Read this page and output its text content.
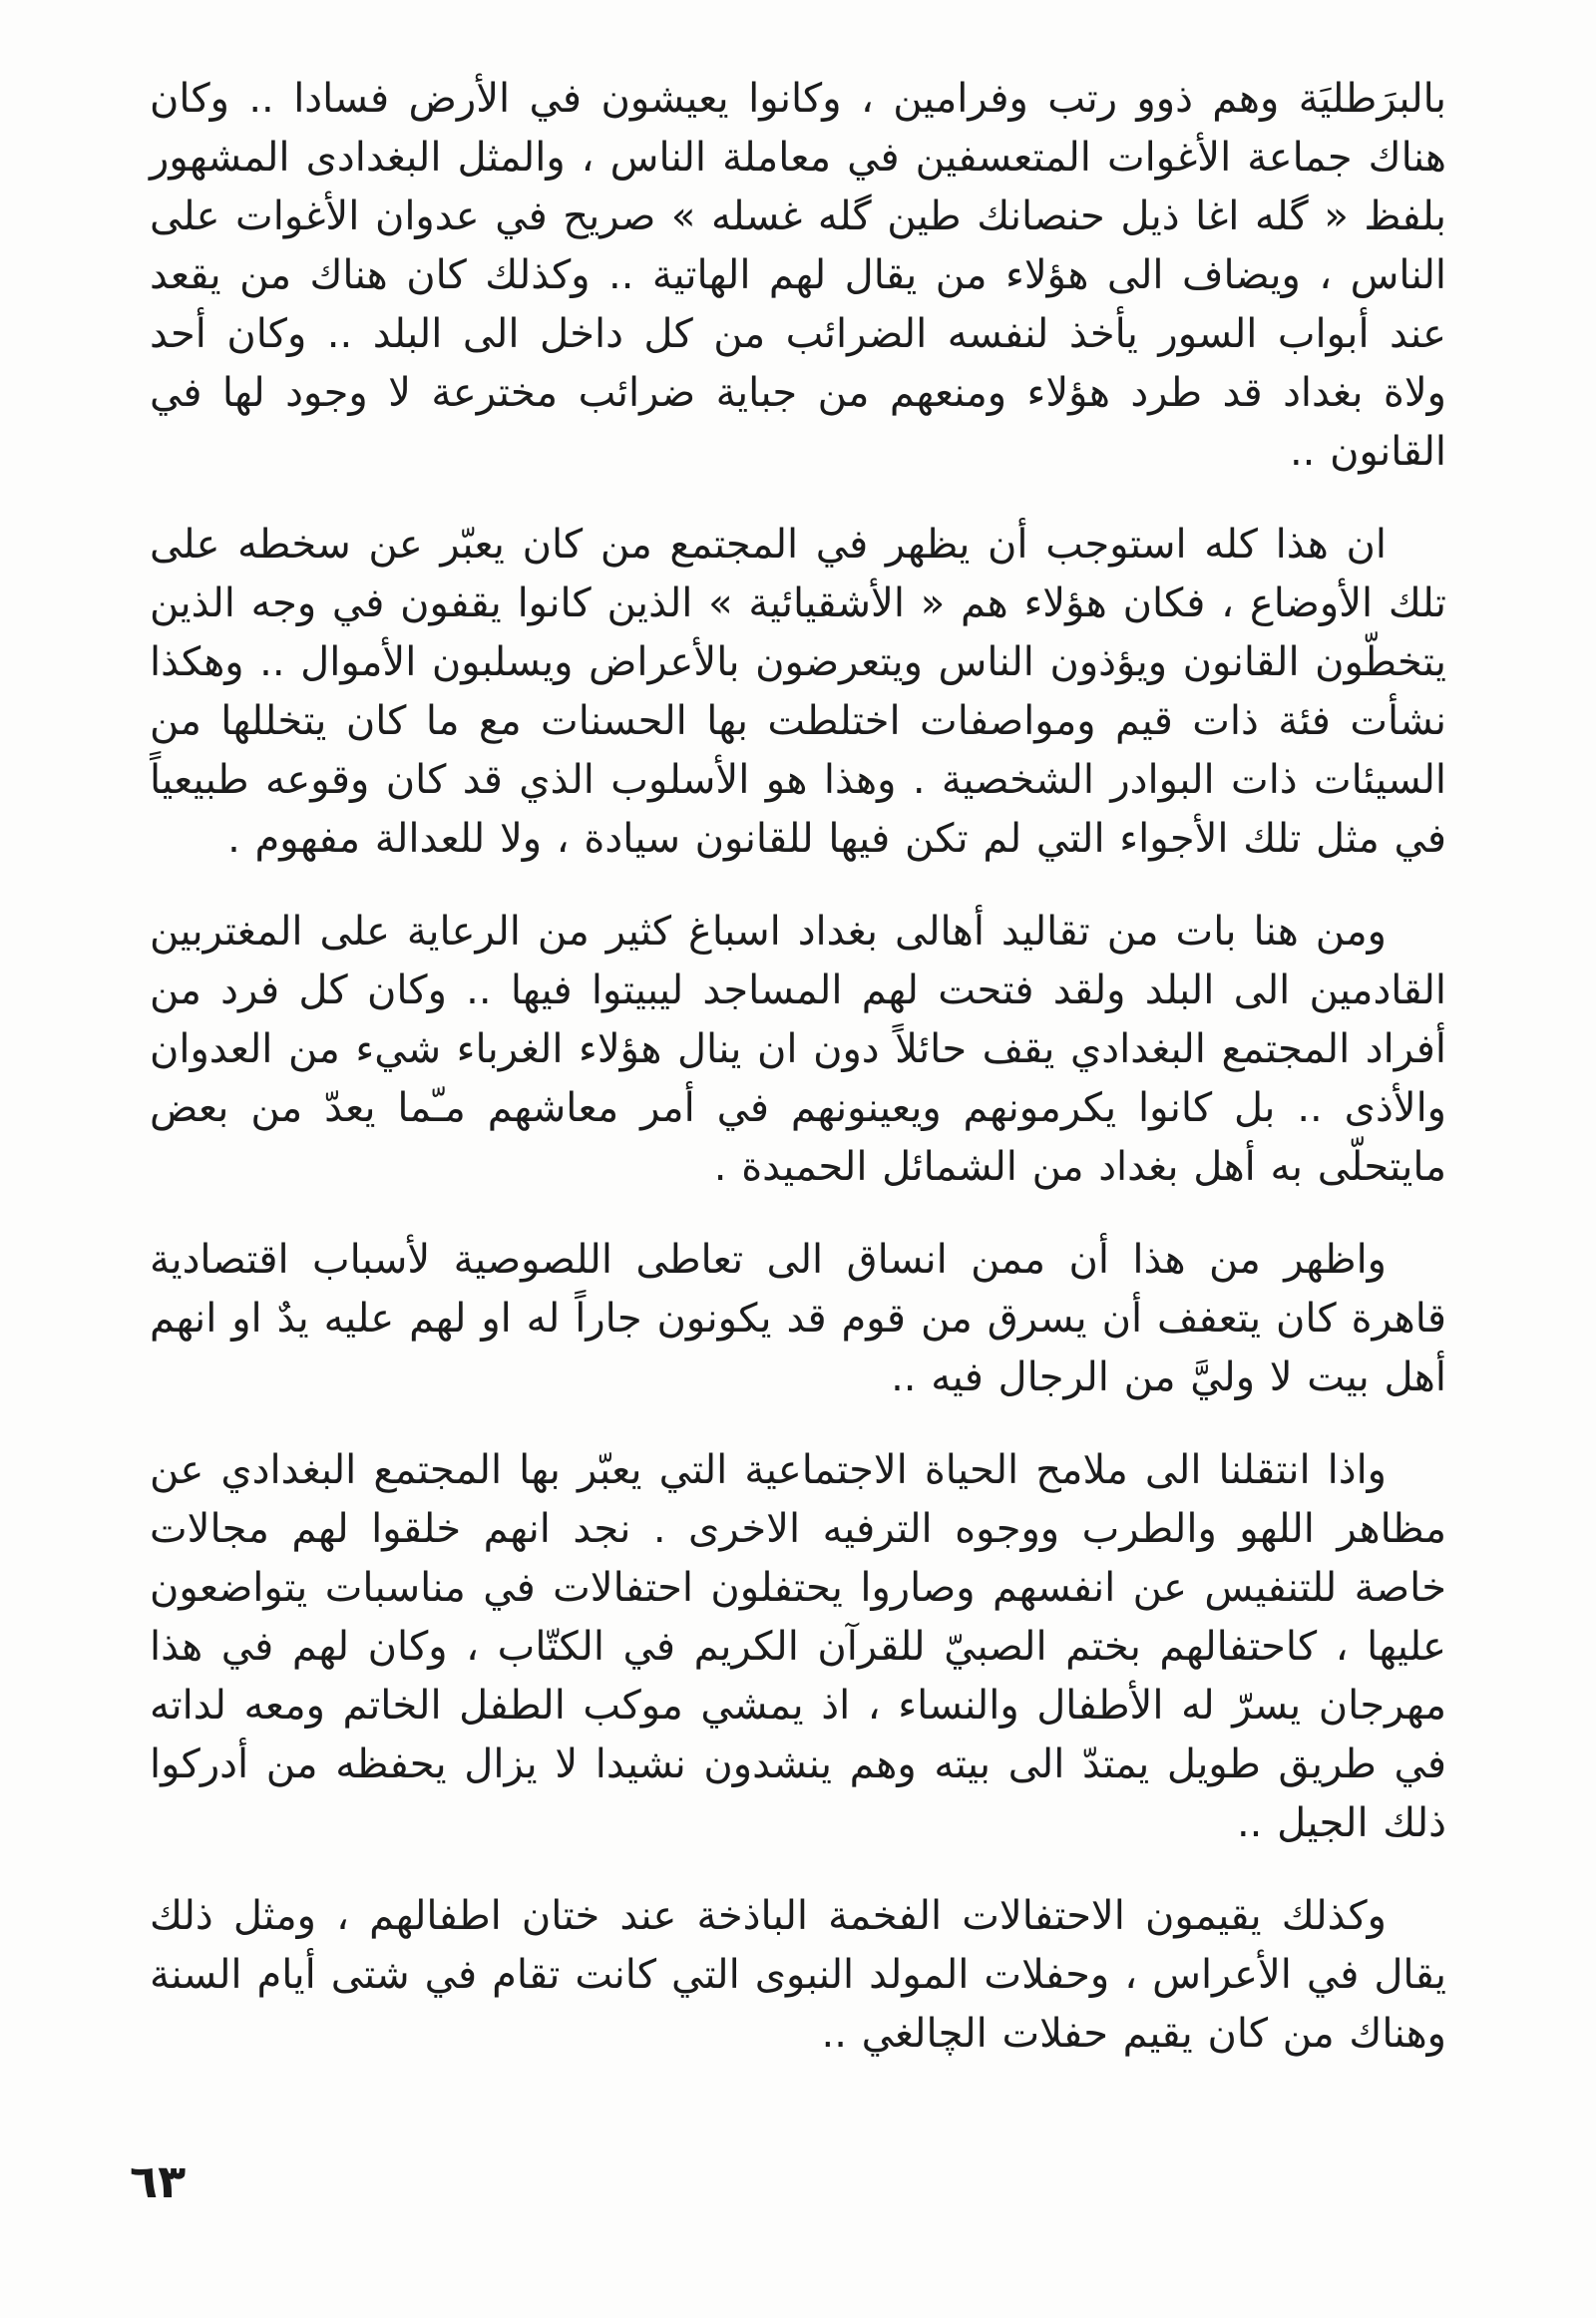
بالبرَطليَة وهم ذوو رتب وفرامين ، وكانوا يعيشون في الأرض فسادا .. وكان هناك جماعة الأغوات المتعسفين في معاملة الناس ، والمثل البغدادى المشهور بلفظ « گله اغا ذيل حنصانك طين گله غسله » صريح في عدوان الأغوات على الناس ، ويضاف الى هؤلاء من يقال لهم الهاتية .. وكذلك كان هناك من يقعد عند أبواب السور يأخذ لنفسه الضرائب من كل داخل الى البلد .. وكان أحد ولاة بغداد قد طرد هؤلاء ومنعهم من جباية ضرائب مخترعة لا وجود لها في القانون ..

ان هذا كله استوجب أن يظهر في المجتمع من كان يعبّر عن سخطه على تلك الأوضاع ، فكان هؤلاء هم « الأشقيائية » الذين كانوا يقفون في وجه الذين يتخطّون القانون ويؤذون الناس ويتعرضون بالأعراض ويسلبون الأموال .. وهكذا نشأت فئة ذات قيم ومواصفات اختلطت بها الحسنات مع ما كان يتخللها من السيئات ذات البوادر الشخصية . وهذا هو الأسلوب الذي قد كان وقوعه طبيعياً في مثل تلك الأجواء التي لم تكن فيها للقانون سيادة ، ولا للعدالة مفهوم .

ومن هنا بات من تقاليد أهالى بغداد اسباغ كثير من الرعاية على المغتربين القادمين الى البلد ولقد فتحت لهم المساجد ليبيتوا فيها .. وكان كل فرد من أفراد المجتمع البغدادي يقف حائلاً دون ان ينال هؤلاء الغرباء شيء من العدوان والأذى .. بل كانوا يكرمونهم ويعينونهم في أمر معاشهم مـّما يعدّ من بعض مايتحلّى به أهل بغداد من الشمائل الحميدة .

واظهر من هذا أن ممن انساق الى تعاطى اللصوصية لأسباب اقتصادية قاهرة كان يتعفف أن يسرق من قوم قد يكونون جاراً له او لهم عليه يدٌ او انهم أهل بيت لا وليَّ من الرجال فيه ..

واذا انتقلنا الى ملامح الحياة الاجتماعية التي يعبّر بها المجتمع البغدادي عن مظاهر اللهو والطرب ووجوه الترفيه الاخرى . نجد انهم خلقوا لهم مجالات خاصة للتنفيس عن انفسهم وصاروا يحتفلون احتفالات في مناسبات يتواضعون عليها ، كاحتفالهم بختم الصبيّ للقرآن الكريم في الكتّاب ، وكان لهم في هذا مهرجان يسرّ له الأطفال والنساء ، اذ يمشي موكب الطفل الخاتم ومعه لداته في طريق طويل يمتدّ الى بيته وهم ينشدون نشيدا لا يزال يحفظه من أدركوا ذلك الجيل ..

وكذلك يقيمون الاحتفالات الفخمة الباذخة عند ختان اطفالهم ، ومثل ذلك يقال في الأعراس ، وحفلات المولد النبوى التي كانت تقام في شتى أيام السنة وهناك من كان يقيم حفلات الچالغي ..

٦٣
